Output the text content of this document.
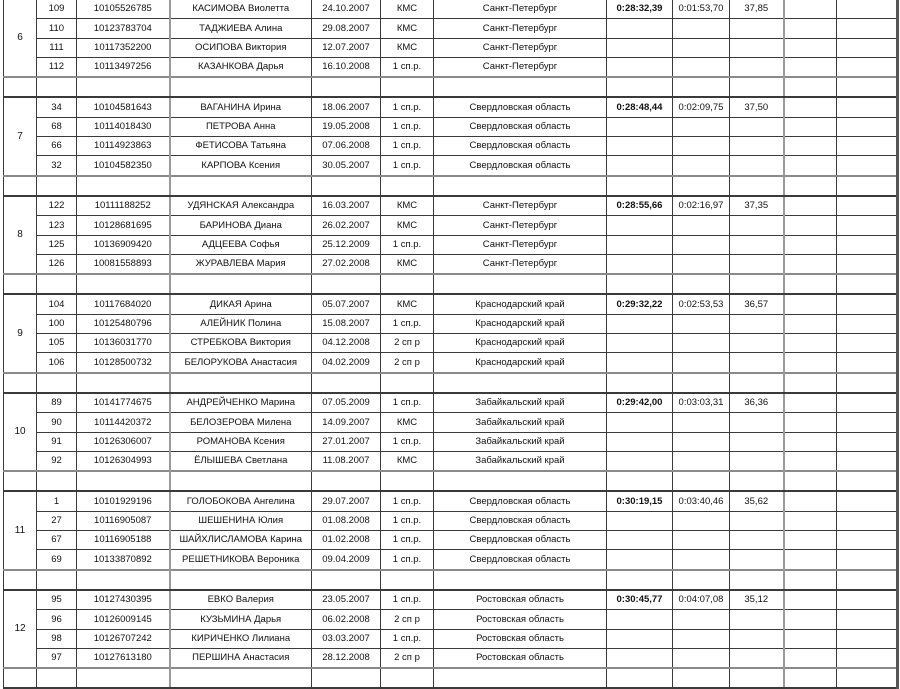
6	109	10105526785	КАСИМОВА Виолетта	24.10.2007	КМС	Санкт-Петербург	0:28:32,39	0:01:53,70	37,85		
	110	10123783704	ТАДЖИЕВА Алина	29.08.2007	КМС	Санкт-Петербург					
	111	10117352200	ОСИПОВА Виктория	12.07.2007	КМС	Санкт-Петербург					
	112	10113497256	КАЗАНКОВА Дарья	16.10.2008	1 сп.р.	Санкт-Петербург					

7	34	10104581643	ВАГАНИНА Ирина	18.06.2007	1 сп.р.	Свердловская область	0:28:48,44	0:02:09,75	37,50		
	68	10114018430	ПЕТРОВА Анна	19.05.2008	1 сп.р.	Свердловская область					
	66	10114923863	ФЕТИСОВА Татьяна	07.06.2008	1 сп.р.	Свердловская область					
	32	10104582350	КАРПОВА Ксения	30.05.2007	1 сп.р.	Свердловская область					

8	122	10111188252	УДЯНСКАЯ Александра	16.03.2007	КМС	Санкт-Петербург	0:28:55,66	0:02:16,97	37,35		
	123	10128681695	БАРИНОВА Диана	26.02.2007	КМС	Санкт-Петербург					
	125	10136909420	АДЦЕЕВА Софья	25.12.2009	1 сп.р.	Санкт-Петербург					
	126	10081558893	ЖУРАВЛЕВА Мария	27.02.2008	КМС	Санкт-Петербург					

9	104	10117684020	ДИКАЯ Арина	05.07.2007	КМС	Краснодарский край	0:29:32,22	0:02:53,53	36,57		
	100	10125480796	АЛЕЙНИК Полина	15.08.2007	1 сп.р.	Краснодарский край					
	105	10136031770	СТРЕБКОВА Виктория	04.12.2008	2 сп р	Краснодарский край					
	106	10128500732	БЕЛОРУКОВА Анастасия	04.02.2009	2 сп р	Краснодарский край					

10	89	10141774675	АНДРЕЙЧЕНКО Марина	07.05.2009	1 сп.р.	Забайкальский край	0:29:42,00	0:03:03,31	36,36		
	90	10114420372	БЕЛОЗЕРОВА Милена	14.09.2007	КМС	Забайкальский край					
	91	10126306007	РОМАНОВА Ксения	27.01.2007	1 сп.р.	Забайкальский край					
	92	10126304993	ЁЛЫШЕВА Светлана	11.08.2007	КМС	Забайкальский край					

11	1	10101929196	ГОЛОБОКОВА Ангелина	29.07.2007	1 сп.р.	Свердловская область	0:30:19,15	0:03:40,46	35,62		
	27	10116905087	ШЕШЕНИНА Юлия	01.08.2008	1 сп.р.	Свердловская область					
	67	10116905188	ШАЙХЛИСЛАМОВА Карина	01.02.2008	1 сп.р.	Свердловская область					
	69	10133870892	РЕШЕТНИКОВА Вероника	09.04.2009	1 сп.р.	Свердловская область					

12	95	10127430395	ЕВКО Валерия	23.05.2007	1 сп.р.	Ростовская область	0:30:45,77	0:04:07,08	35,12		
	96	10126009145	КУЗЬМИНА Дарья	06.02.2008	2 сп р	Ростовская область					
	98	10126707242	КИРИЧЕНКО Лилиана	03.03.2007	1 сп.р.	Ростовская область					
	97	10127613180	ПЕРШИНА Анастасия	28.12.2008	2 сп р	Ростовская область					
